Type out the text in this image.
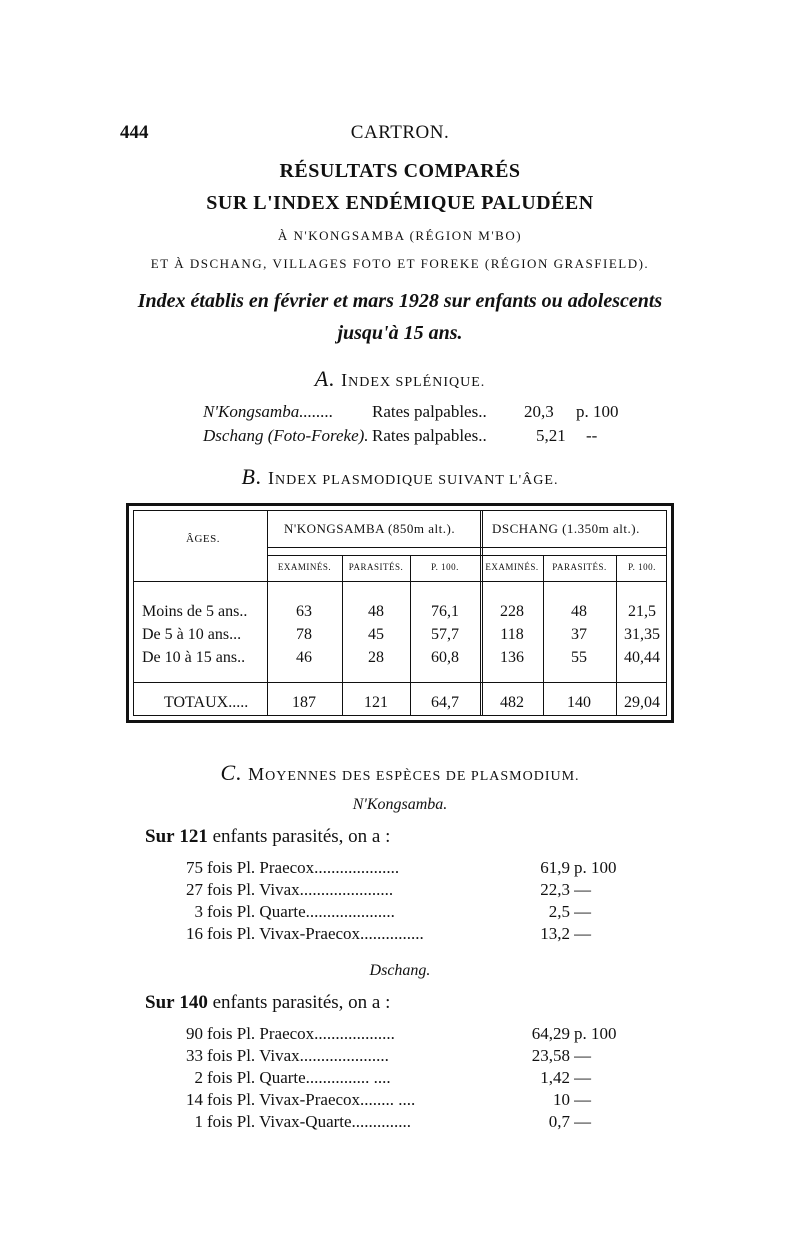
444	CARTRON.
RÉSULTATS COMPARÉS
SUR L'INDEX ENDÉMIQUE PALUDÉEN
À N'KONGSAMBA (RÉGION M'BO)
ET À DSCHANG, VILLAGES FOTO ET FOREKE (RÉGION GRASFIELD).
Index établis en février et mars 1928 sur enfants ou adolescents
jusqu'à 15 ans.
A. INDEX SPLÉNIQUE.
N'Kongsamba........ Rates palpables.. 20,3 p. 100
Dschang (Foto-Foreke). Rates palpables..	5,21 --
B. INDEX PLASMODIQUE SUIVANT L'ÂGE.
ÂGES.
N'KONGSAMBA (850m alt.).	DSCHANG (1.350m alt.).
EXAMINÉS.	PARASITÉS.	P. 100.	EXAMINÉS.	PARASITÉS.	P. 100.
Moins de 5 ans..	63	48	76,1	228	48	21,5
De 5 à 10 ans...	78	45	57,7	118	37	31,35
De 10 à 15 ans..	46	28	60,8	136	55	40,44
TOTAUX.....	187	121	64,7	482	140	29,04
C. MOYENNES DES ESPÈCES DE PLASMODIUM.
N'Kongsamba.
Sur 121 enfants parasités, on a :
75 fois Pl. Praecox....................	61,9 p. 100
27 fois Pl. Vivax......................	22,3 —
3 fois Pl. Quarte.....................	2,5 —
16 fois Pl. Vivax-Praecox...............	13,2 —
Dschang.
Sur 140 enfants parasités, on a :
90 fois Pl. Praecox...................	64,29 p. 100
33 fois Pl. Vivax.....................	23,58 —
2 fois Pl. Quarte............... ....	1,42 —
14 fois Pl. Vivax-Praecox........ ....	10 —
1 fois Pl. Vivax-Quarte..............	0,7 —
